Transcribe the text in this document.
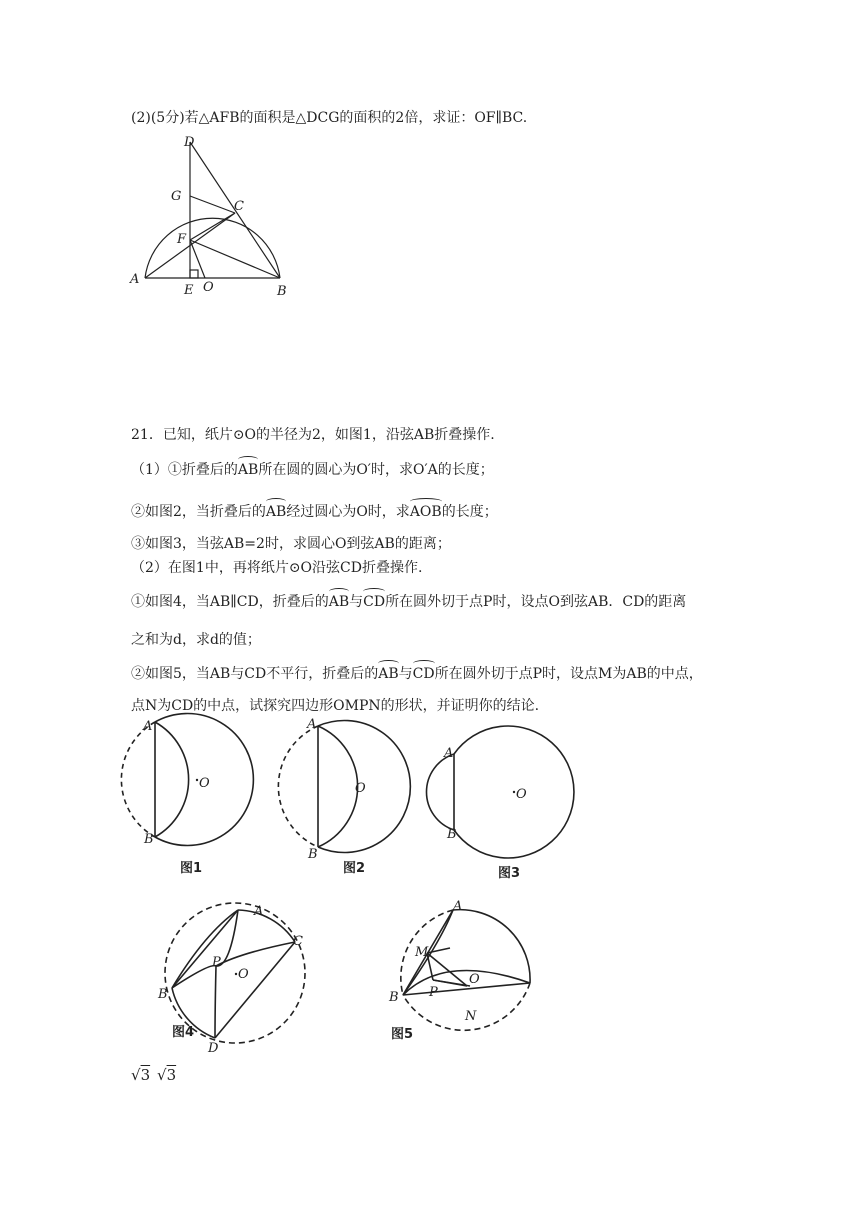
(2)(5分)若△AFB的面积是△DCG的面积的2倍，求证：OF∥BC.
D
G
C
F
A
E O	B
21．已知，纸片⊙O的半径为2，如图1，沿弦AB折叠操作.
（1）①折叠后的AB所在圆的圆心为O′时，求O′A的长度；
②如图2，当折叠后的AB经过圆心为O时，求AOB的长度；
③如图3，当弦AB=2时，求圆心O到弦AB的距离；
（2）在图1中，再将纸片⊙O沿弦CD折叠操作.
①如图4，当AB∥CD，折叠后的AB与CD所在圆外切于点P时，设点O到弦AB．CD的距离
之和为d，求d的值；
②如图5，当AB与CD不平行，折叠后的AB与CD所在圆外切于点P时，设点M为AB的中点，
点N为CD的中点，试探究四边形OMPN的形状，并证明你的结论.
A
B
O
图1
A
B
O
图2
A
B
O
图3
A
C
P
O
B
D
图4
A
M
O
P
B
N
图5
√3 √3
